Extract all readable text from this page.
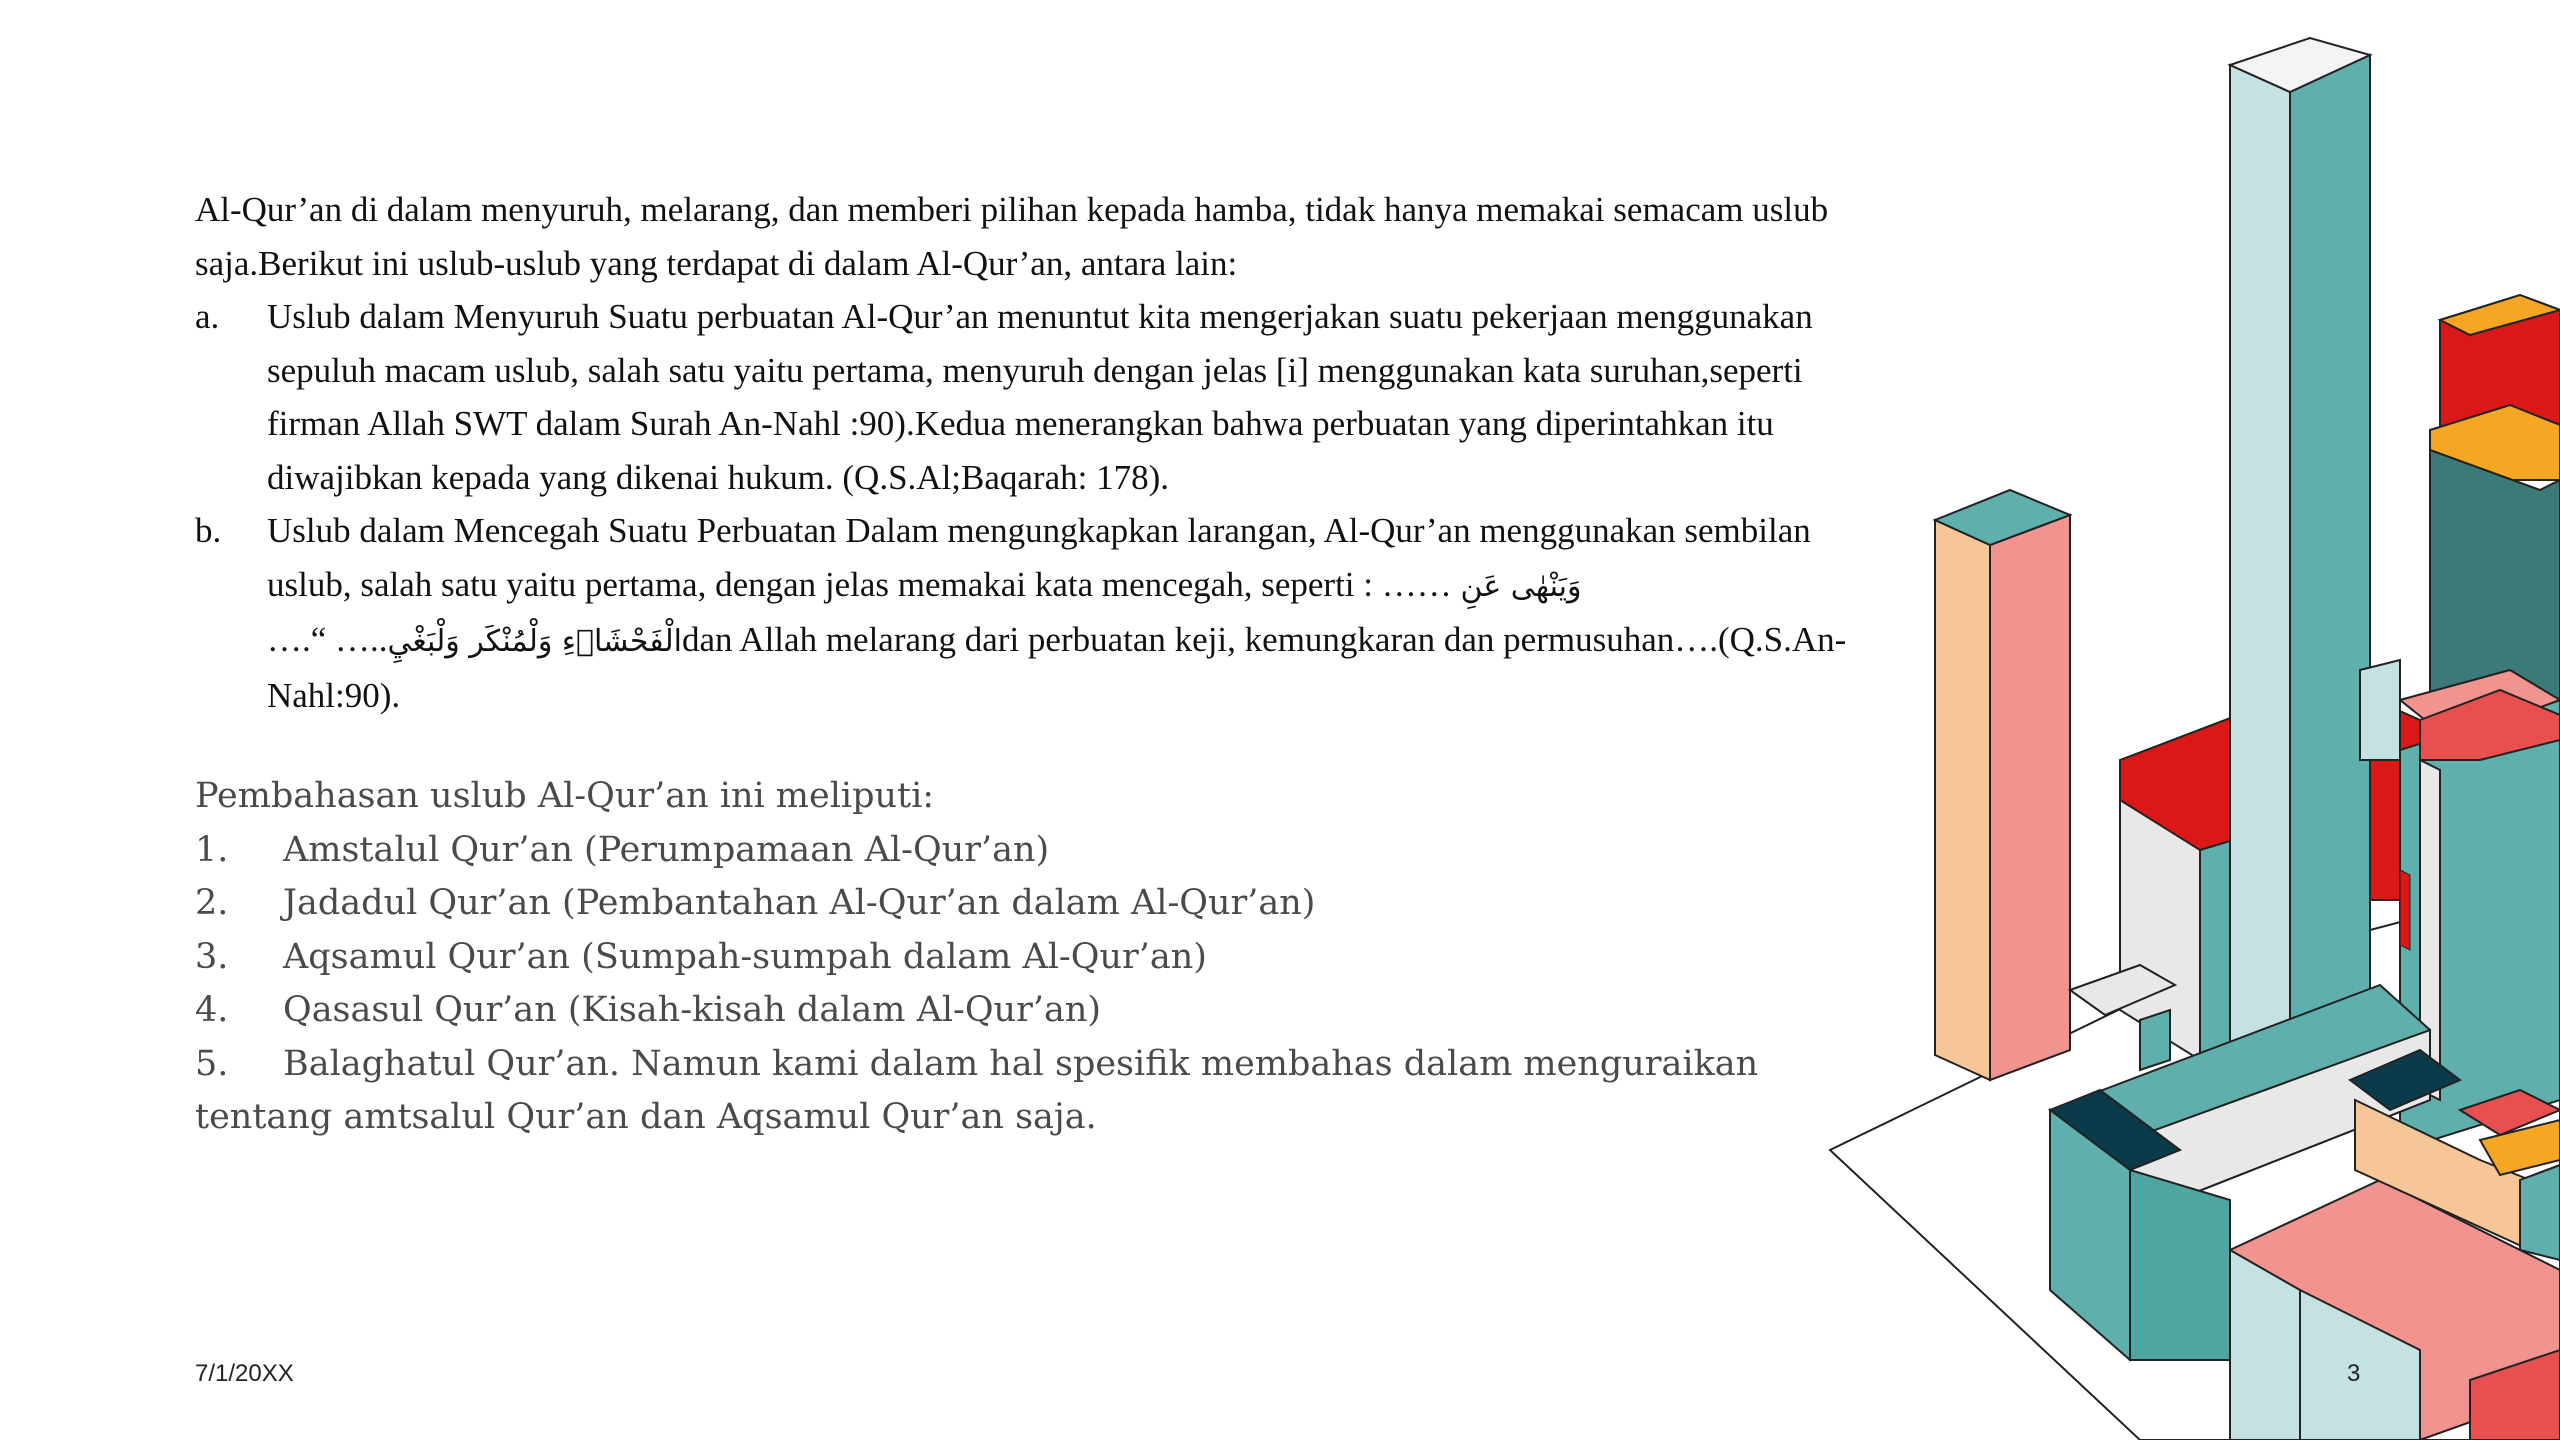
Al-Qur’an di dalam menyuruh, melarang, dan memberi pilihan kepada hamba, tidak hanya memakai semacam uslub saja.Berikut ini uslub-uslub yang terdapat di dalam Al-Qur’an, antara lain:

a. Uslub dalam Menyuruh Suatu perbuatan Al-Qur’an menuntut kita mengerjakan suatu pekerjaan menggunakan sepuluh macam uslub, salah satu yaitu pertama, menyuruh dengan jelas [i] menggunakan kata suruhan,seperti firman Allah SWT dalam Surah An-Nahl :90).Kedua menerangkan bahwa perbuatan yang diperintahkan itu diwajibkan kepada yang dikenai hukum. (Q.S.Al;Baqarah: 178).

b. Uslub dalam Mencegah Suatu Perbuatan Dalam mengungkapkan larangan, Al-Qur’an menggunakan sembilan uslub, salah satu yaitu pertama, dengan jelas memakai kata mencegah, seperti : …… وَيَنْهٰى عَنِ
….“ …..الْفَحْشَاۤءِ وَلْمُنْكَر وَلْبَغْيِdan Allah melarang dari perbuatan keji, kemungkaran dan permusuhan….(Q.S.An-Nahl:90).

Pembahasan uslub Al-Qur’an ini meliputi:

1. Amstalul Qur’an (Perumpamaan Al-Qur’an)

2. Jadadul Qur’an (Pembantahan Al-Qur’an dalam Al-Qur’an)

3. Aqsamul Qur’an (Sumpah-sumpah dalam Al-Qur’an)

4. Qasasul Qur’an (Kisah-kisah dalam Al-Qur’an)

5. Balaghatul Qur’an. Namun kami dalam hal spesifik membahas dalam menguraikan tentang amtsalul Qur’an dan Aqsamul Qur’an saja.

7/1/20XX	3
